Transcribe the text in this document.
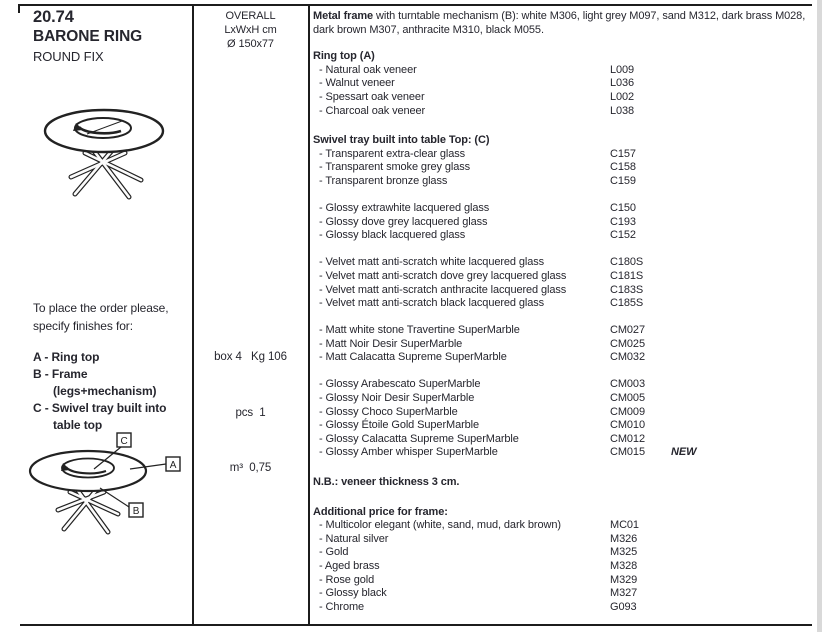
20.74
BARONE RING
ROUND FIX
To place the order please,
specify finishes for:
A - Ring top
B - Frame
(legs+mechanism)
C - Swivel tray built into
table top
C
A
B
OVERALL
LxWxH cm
Ø 150x77

box 4   Kg 106

pcs  1

m³  0,75

Metal frame with turntable mechanism (B): white M306, light grey M097, sand M312, dark brass M028, dark brown M307, anthracite M310, black M055.

Ring top (A)
- Natural oak veneer	L009
- Walnut veneer	L036
- Spessart oak veneer	L002
- Charcoal oak veneer	L038
Swivel tray built into table Top: (C)
- Transparent extra-clear glass	C157
- Transparent smoke grey glass	C158
- Transparent bronze glass	C159
- Glossy extrawhite lacquered glass	C150
- Glossy dove grey lacquered glass	C193
- Glossy black lacquered glass	C152
- Velvet matt anti-scratch white lacquered glass	C180S
- Velvet matt anti-scratch dove grey lacquered glass	C181S
- Velvet matt anti-scratch anthracite lacquered glass	C183S
- Velvet matt anti-scratch black lacquered glass	C185S
- Matt white stone Travertine SuperMarble	CM027
- Matt Noir Desir SuperMarble	CM025
- Matt Calacatta Supreme SuperMarble	CM032
- Glossy Arabescato SuperMarble	CM003
- Glossy Noir Desir SuperMarble	CM005
- Glossy Choco SuperMarble	CM009
- Glossy Étoile Gold SuperMarble	CM010
- Glossy Calacatta Supreme SuperMarble	CM012
- Glossy Amber whisper SuperMarble	CM015 NEW
N.B.: veneer thickness 3 cm.
Additional price for frame:
- Multicolor elegant (white, sand, mud, dark brown)	MC01
- Natural silver	M326
- Gold	M325
- Aged brass	M328
- Rose gold	M329
- Glossy black	M327
- Chrome	G093
